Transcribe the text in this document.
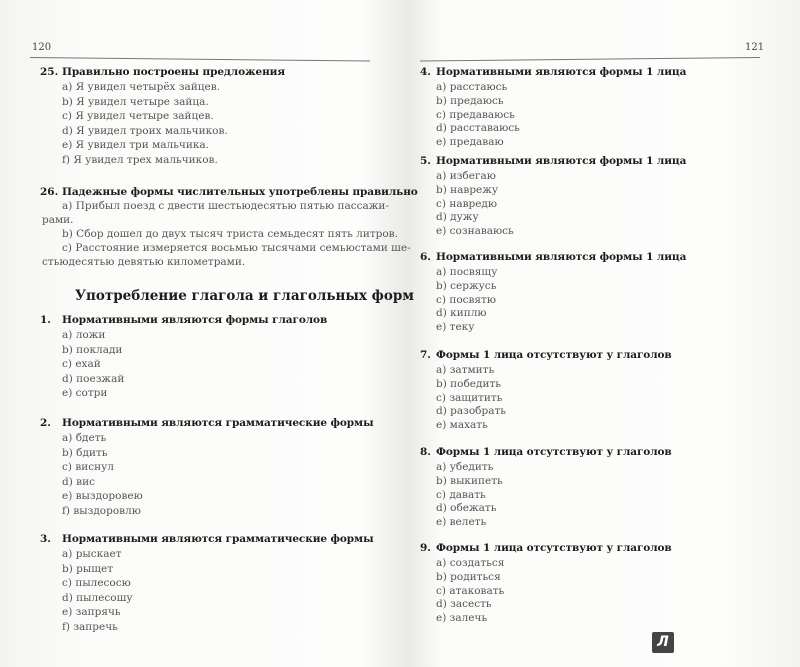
120	121
Употребление глагола и глагольных форм
25. Правильно построены предложения
a) Я увидел четырёх зайцев.
b) Я увидел четыре зайца.
c) Я увидел четыре зайцев.
d) Я увидел троих мальчиков.
e) Я увидел три мальчика.
f) Я увидел трех мальчиков.
26. Падежные формы числительных употреблены правильно
a) Прибыл поезд с двести шестьюдесятью пятью пассажи-
рами.
b) Сбор дошел до двух тысяч триста семьдесят пять литров.
c) Расстояние измеряется восьмью тысячами семьюстами ше-
стьюдесятью девятью километрами.
1. Нормативными являются формы глаголов
a) ложи
b) поклади
c) ехай
d) поезжай
e) сотри
2. Нормативными являются грамматические формы
a) бдеть
b) бдить
c) виснул
d) вис
e) выздоровею
f) выздоровлю
3. Нормативными являются грамматические формы
a) рыскает
b) рыщет
c) пылесосю
d) пылесошу
e) запрячь
f) запречь
4. Нормативными являются формы 1 лица
a) расстаюсь
b) предаюсь
c) предаваюсь
d) расставаюсь
e) предаваю
5. Нормативными являются формы 1 лица
a) избегаю
b) наврежу
c) навредю
d) дужу
e) сознаваюсь
6. Нормативными являются формы 1 лица
a) посвящу
b) сержусь
c) посвятю
d) киплю
e) теку
7. Формы 1 лица отсутствуют у глаголов
a) затмить
b) победить
c) защитить
d) разобрать
e) махать
8. Формы 1 лица отсутствуют у глаголов
a) убедить
b) выкипеть
c) давать
d) обежать
e) велеть
9. Формы 1 лица отсутствуют у глаголов
a) создаться
b) родиться
c) атаковать
d) засесть
e) залечь
Л
